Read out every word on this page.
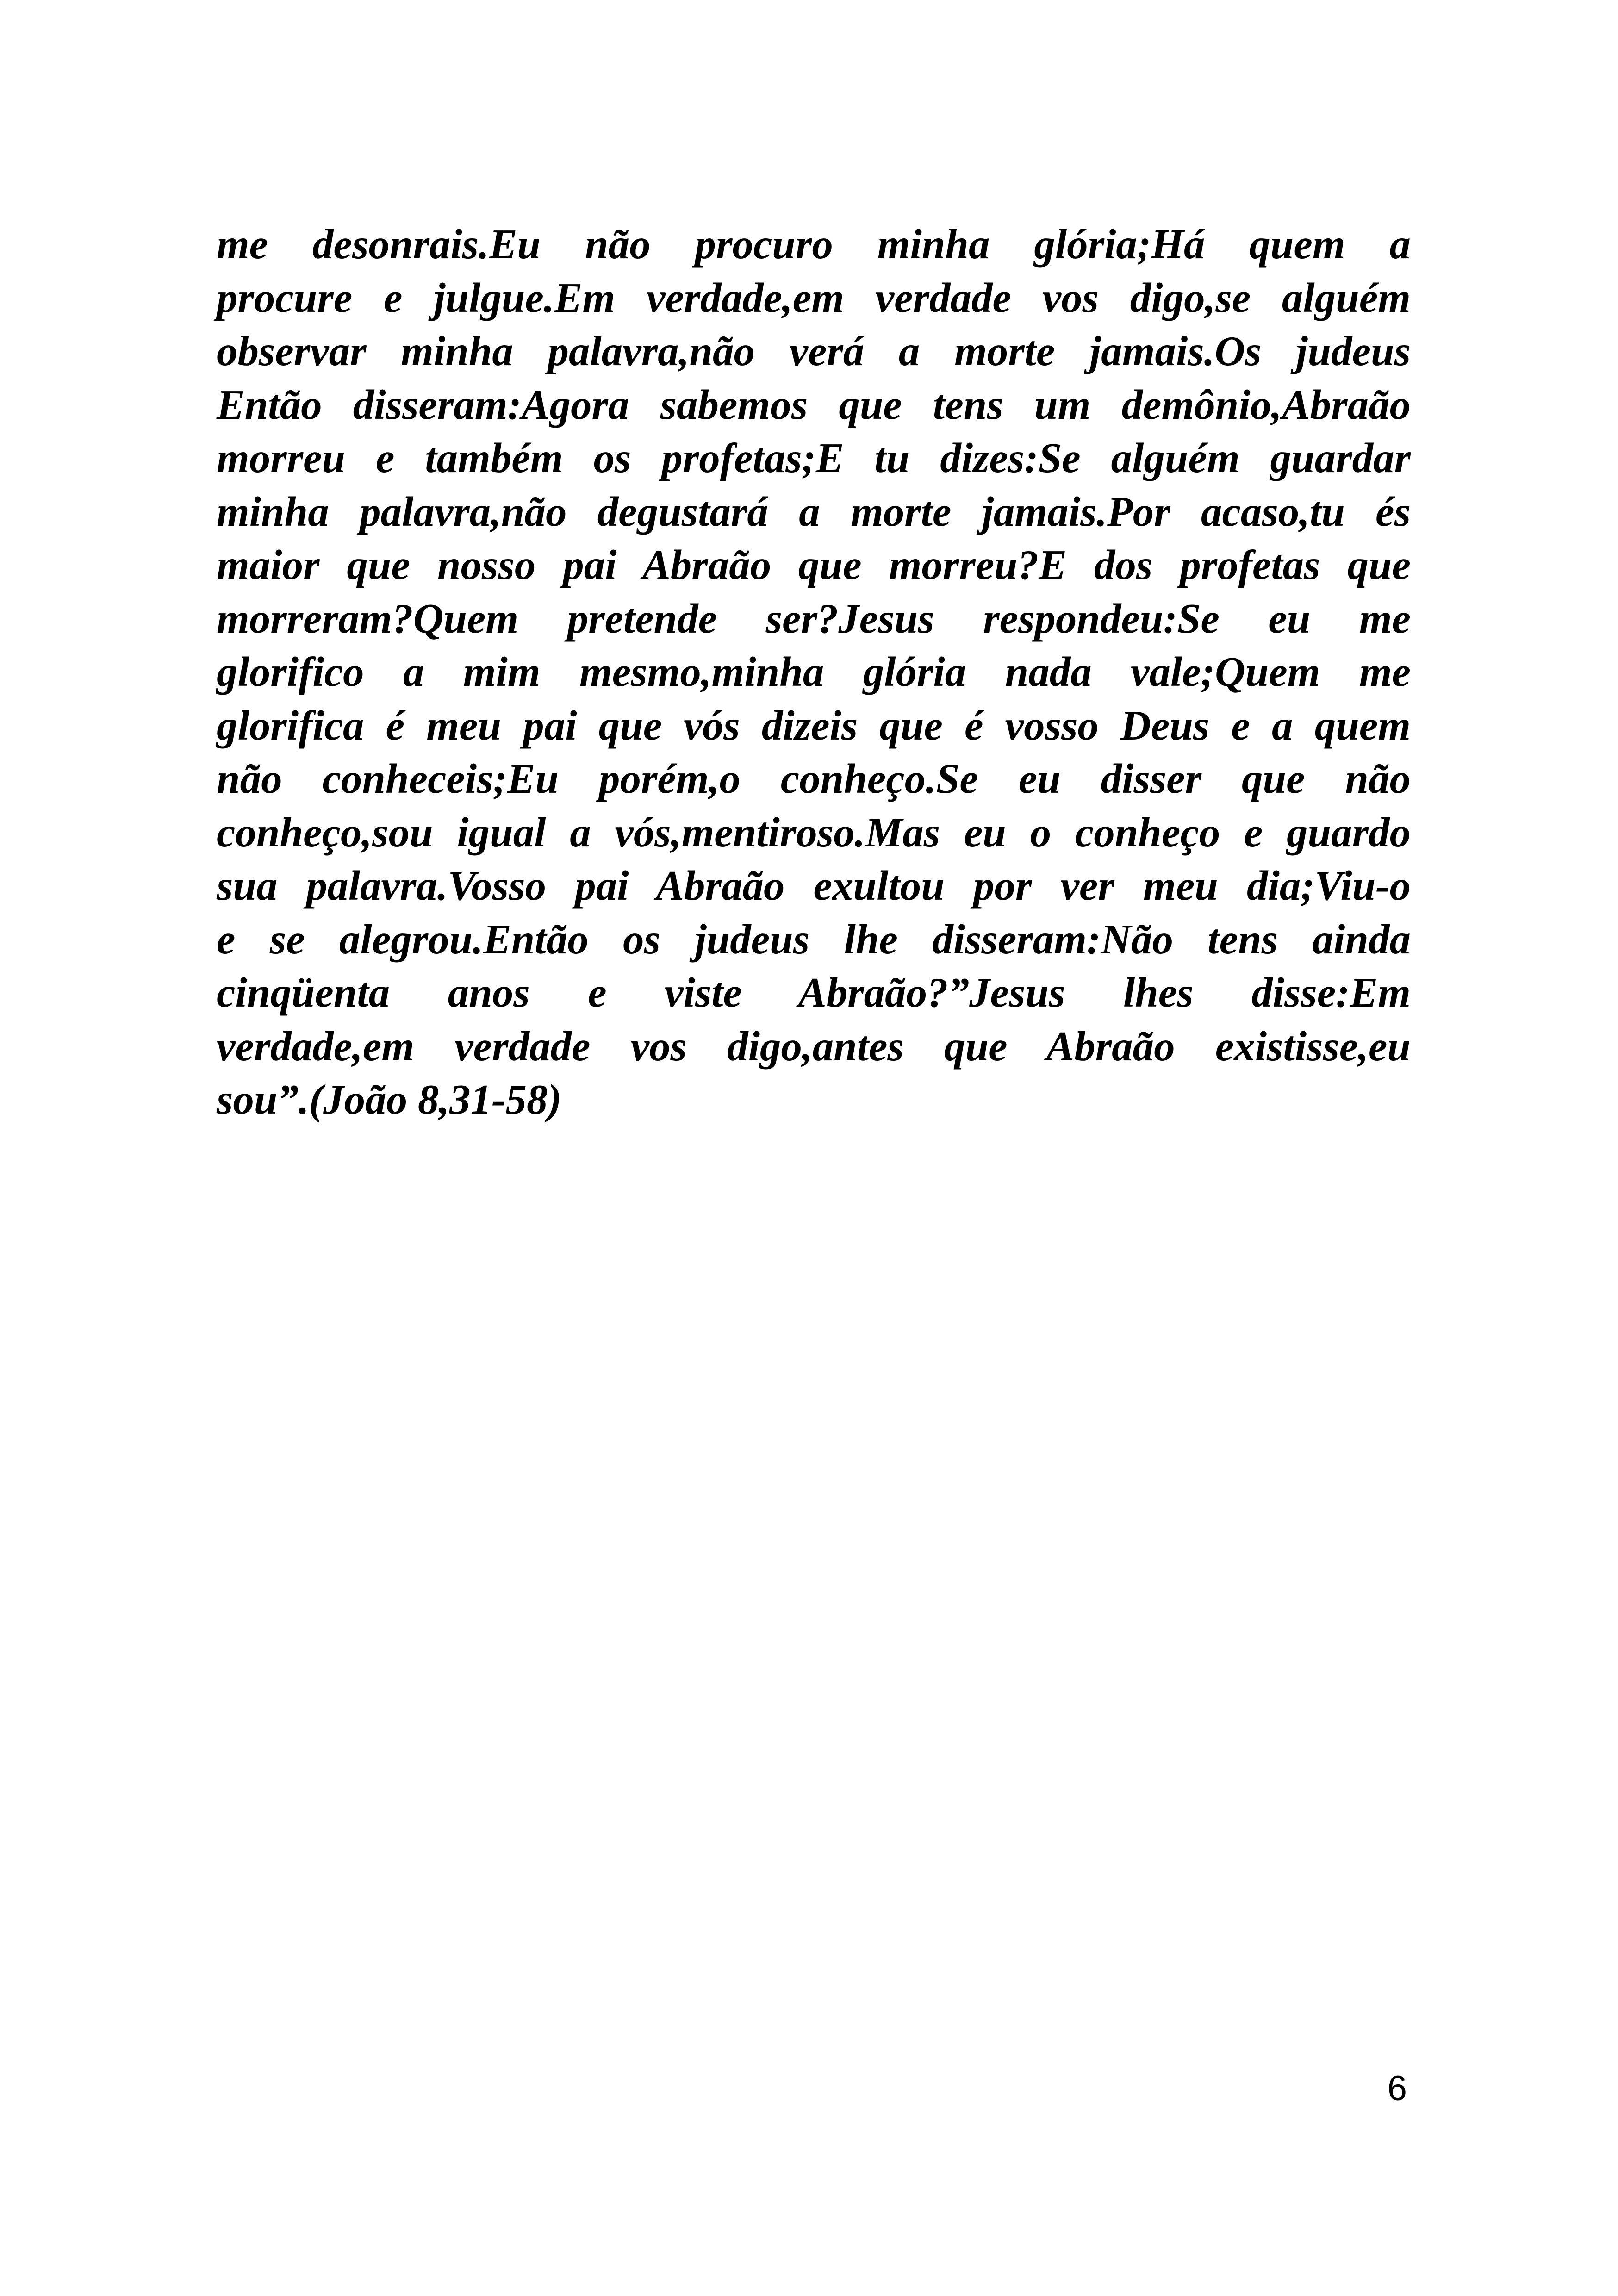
me desonrais.Eu não procuro minha glória;Há quem a
procure e julgue.Em verdade,em verdade vos digo,se alguém
observar minha palavra,não verá a morte jamais.Os judeus
Então disseram:Agora sabemos que tens um demônio,Abraão
morreu e também os profetas;E tu dizes:Se alguém guardar
minha palavra,não degustará a morte jamais.Por acaso,tu és
maior que nosso pai Abraão que morreu?E dos profetas que
morreram?Quem pretende ser?Jesus respondeu:Se eu me
glorifico a mim mesmo,minha glória nada vale;Quem me
glorifica é meu pai que vós dizeis que é vosso Deus e a quem
não conheceis;Eu porém,o conheço.Se eu disser que não
conheço,sou igual a vós,mentiroso.Mas eu o conheço e guardo
sua palavra.Vosso pai Abraão exultou por ver meu dia;Viu-o
e se alegrou.Então os judeus lhe disseram:Não tens ainda
cinqüenta anos e viste Abraão?”Jesus lhes disse:Em
verdade,em verdade vos digo,antes que Abraão existisse,eu
sou”.(João 8,31-58)

6
